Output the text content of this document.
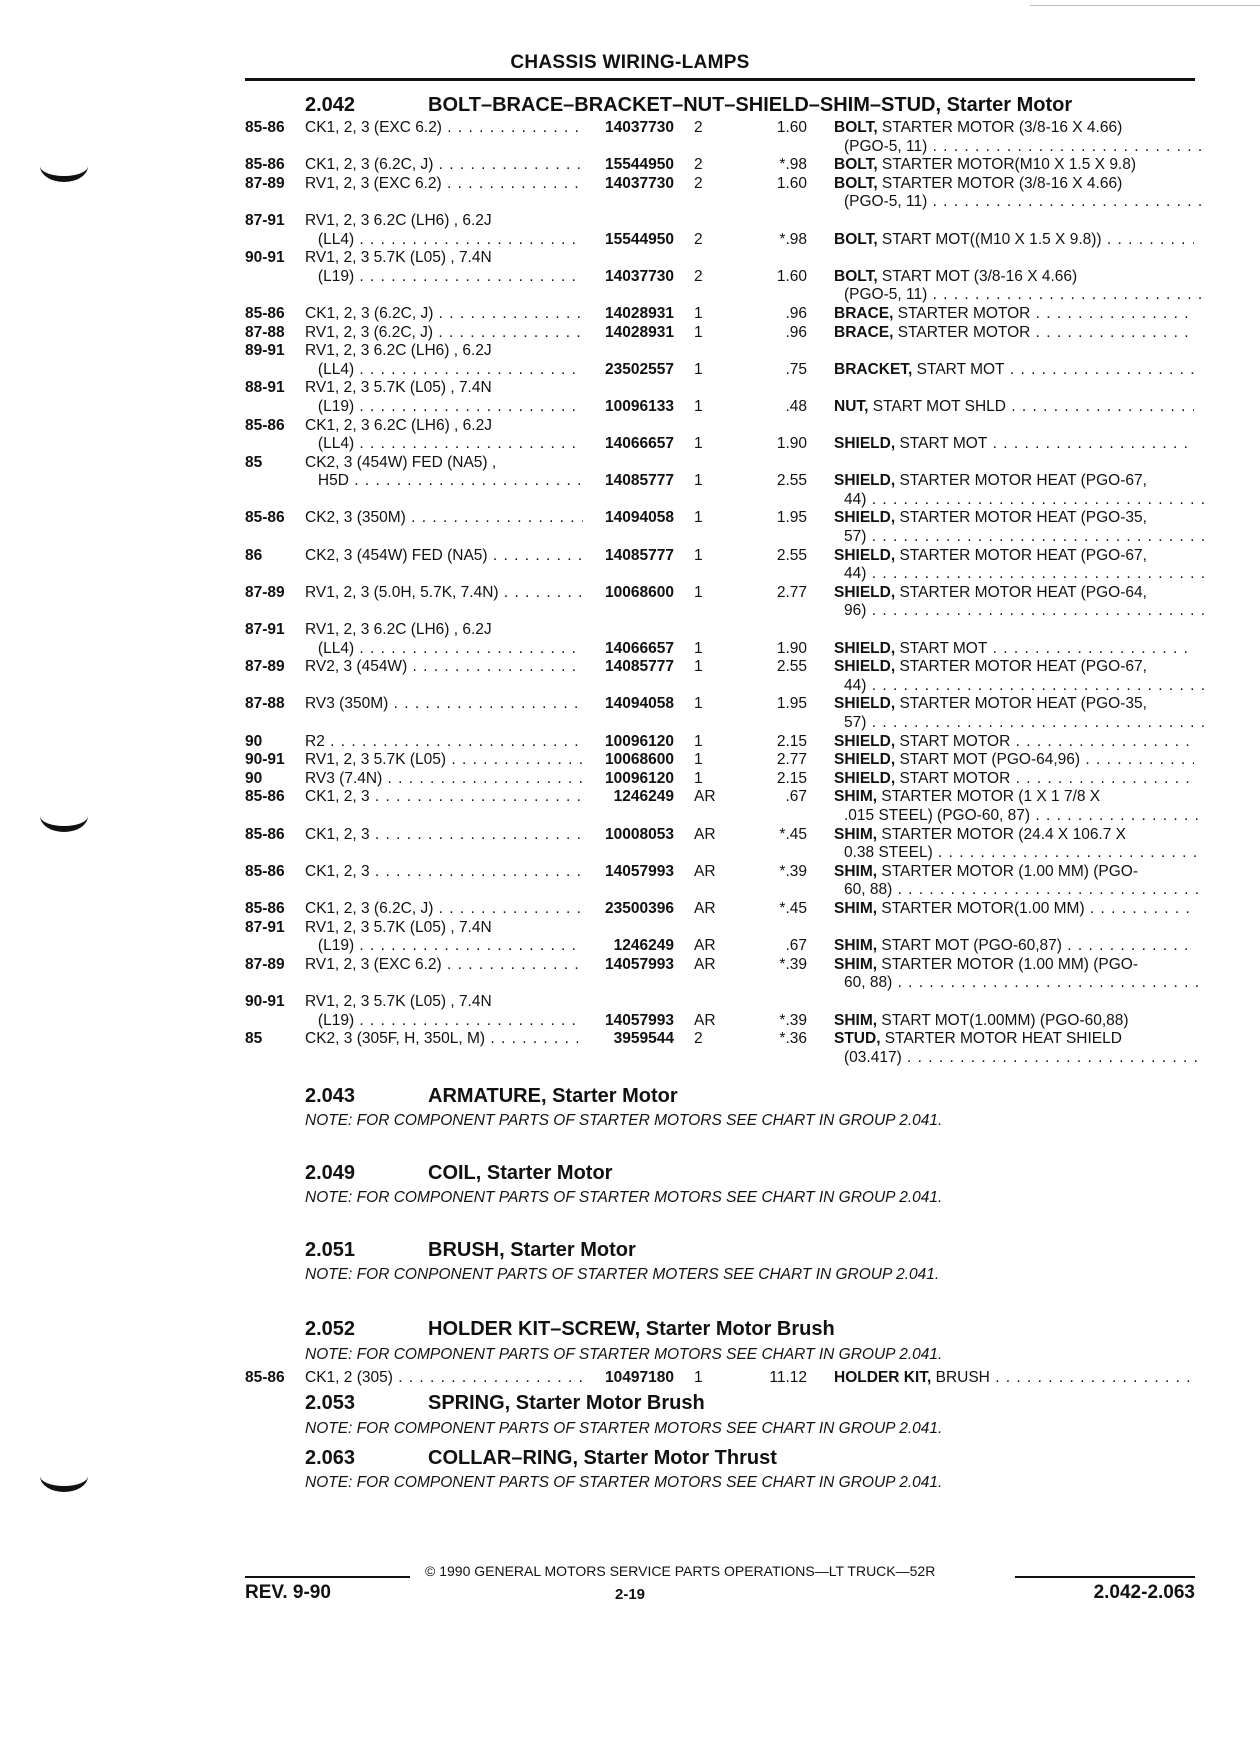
CHASSIS WIRING-LAMPS
2.042	BOLT–BRACE–BRACKET–NUT–SHIELD–SHIM–STUD, Starter Motor
85-86	CK1, 2, 3 (EXC 6.2) . . .	14037730 2	1.60 BOLT, STARTER MOTOR (3/8-16 X 4.66)
(PGO-5, 11) . . .
85-86	CK1, 2, 3 (6.2C, J) . . .	15544950 2	*.98 BOLT, STARTER MOTOR(M10 X 1.5 X 9.8)
87-89	RV1, 2, 3 (EXC 6.2) . . .	14037730 2	1.60 BOLT, STARTER MOTOR (3/8-16 X 4.66)
(PGO-5, 11) . . .
87-91	RV1, 2, 3 6.2C (LH6) , 6.2J
(LL4) . . .	15544950 2	*.98 BOLT, START MOT((M10 X 1.5 X 9.8)) . . .
90-91	RV1, 2, 3 5.7K (L05) , 7.4N
(L19) . . .	14037730 2	1.60 BOLT, START MOT (3/8-16 X 4.66)
(PGO-5, 11) . . .
85-86	CK1, 2, 3 (6.2C, J) . . .	14028931 1	.96 BRACE, STARTER MOTOR . . .
87-88	RV1, 2, 3 (6.2C, J) . . .	14028931 1	.96 BRACE, STARTER MOTOR . . .
89-91	RV1, 2, 3 6.2C (LH6) , 6.2J
(LL4) . . .	23502557 1	.75 BRACKET, START MOT . . .
88-91	RV1, 2, 3 5.7K (L05) , 7.4N
(L19) . . .	10096133 1	.48 NUT, START MOT SHLD . . .
85-86	CK1, 2, 3 6.2C (LH6) , 6.2J
(LL4) . . .	14066657 1	1.90 SHIELD, START MOT . . .
85	CK2, 3 (454W) FED (NA5) ,
H5D . . .	14085777 1	2.55 SHIELD, STARTER MOTOR HEAT (PGO-67,
44) . . .
85-86	CK2, 3 (350M) . . .	14094058 1	1.95 SHIELD, STARTER MOTOR HEAT (PGO-35,
57) . . .
86	CK2, 3 (454W) FED (NA5) . . .	14085777 1	2.55 SHIELD, STARTER MOTOR HEAT (PGO-67,
44) . . .
87-89	RV1, 2, 3 (5.0H, 5.7K, 7.4N) . . .	10068600 1	2.77 SHIELD, STARTER MOTOR HEAT (PGO-64,
96) . . .
87-91	RV1, 2, 3 6.2C (LH6) , 6.2J
(LL4) . . .	14066657 1	1.90 SHIELD, START MOT . . .
87-89	RV2, 3 (454W) . . .	14085777 1	2.55 SHIELD, STARTER MOTOR HEAT (PGO-67,
44) . . .
87-88	RV3 (350M) . . .	14094058 1	1.95 SHIELD, STARTER MOTOR HEAT (PGO-35,
57) . . .
90	R2 . . .	10096120 1	2.15 SHIELD, START MOTOR . . .
90-91	RV1, 2, 3 5.7K (L05) . . .	10068600 1	2.77 SHIELD, START MOT (PGO-64,96) . . .
90	RV3 (7.4N) . . .	10096120 1	2.15 SHIELD, START MOTOR . . .
85-86	CK1, 2, 3 . . .	1246249 AR	.67 SHIM, STARTER MOTOR (1 X 1 7/8 X
.015 STEEL) (PGO-60, 87) . . .
85-86	CK1, 2, 3 . . .	10008053 AR	*.45 SHIM, STARTER MOTOR (24.4 X 106.7 X
0.38 STEEL) . . .
85-86	CK1, 2, 3 . . .	14057993 AR	*.39 SHIM, STARTER MOTOR (1.00 MM) (PGO-
60, 88) . . .
85-86	CK1, 2, 3 (6.2C, J) . . .	23500396 AR	*.45 SHIM, STARTER MOTOR(1.00 MM) . . .
87-91	RV1, 2, 3 5.7K (L05) , 7.4N
(L19) . . .	1246249 AR	.67 SHIM, START MOT (PGO-60,87) . . .
87-89	RV1, 2, 3 (EXC 6.2) . . .	14057993 AR	*.39 SHIM, STARTER MOTOR (1.00 MM) (PGO-
60, 88) . . .
90-91	RV1, 2, 3 5.7K (L05) , 7.4N
(L19) . . .	14057993 AR	*.39 SHIM, START MOT(1.00MM) (PGO-60,88)
85	CK2, 3 (305F, H, 350L, M) . . .	3959544 2	*.36 STUD, STARTER MOTOR HEAT SHIELD
(03.417) . . .
2.043	ARMATURE, Starter Motor
NOTE: FOR COMPONENT PARTS OF STARTER MOTORS SEE CHART IN GROUP 2.041.
2.049	COIL, Starter Motor
NOTE: FOR COMPONENT PARTS OF STARTER MOTORS SEE CHART IN GROUP 2.041.
2.051	BRUSH, Starter Motor
NOTE: FOR CONPONENT PARTS OF STARTER MOTERS SEE CHART IN GROUP 2.041.
2.052	HOLDER KIT–SCREW, Starter Motor Brush
NOTE: FOR COMPONENT PARTS OF STARTER MOTORS SEE CHART IN GROUP 2.041.
85-86	CK1, 2 (305) . . .	10497180 1	11.12 HOLDER KIT, BRUSH . . .
2.053	SPRING, Starter Motor Brush
NOTE: FOR COMPONENT PARTS OF STARTER MOTORS SEE CHART IN GROUP 2.041.
2.063	COLLAR–RING, Starter Motor Thrust
NOTE: FOR COMPONENT PARTS OF STARTER MOTORS SEE CHART IN GROUP 2.041.
© 1990 GENERAL MOTORS SERVICE PARTS OPERATIONS—LT TRUCK—52R
REV. 9-90	2-19	2.042-2.063
